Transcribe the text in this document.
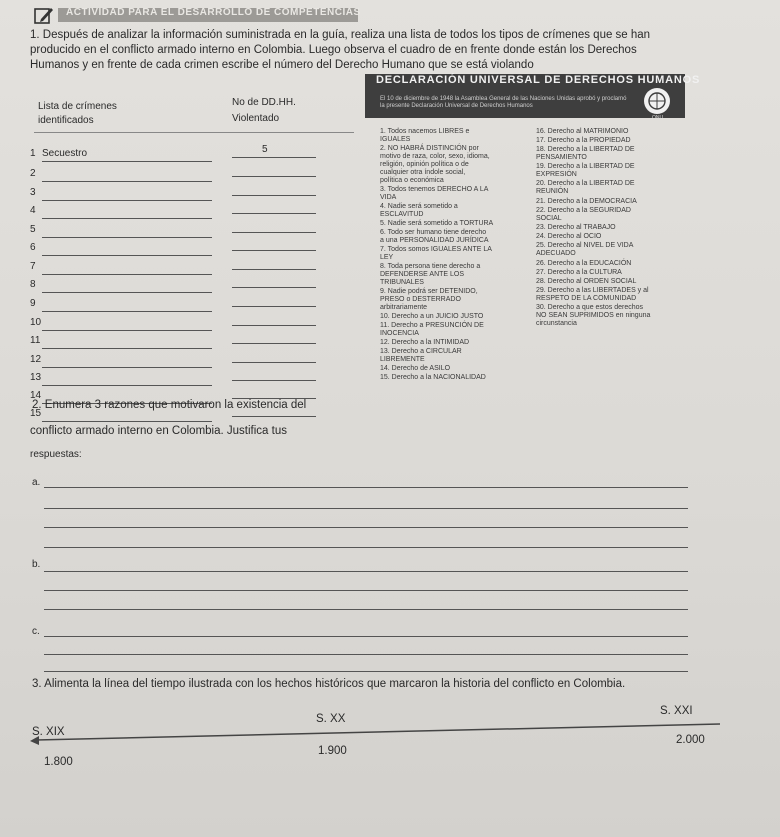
ACTIVIDAD PARA EL DESARROLLO DE COMPETENCIAS
1. Después de analizar la información suministrada en la guía, realiza una lista de todos los tipos de crímenes que se han
producido en el conflicto armado interno en Colombia. Luego observa el cuadro de en frente donde están los Derechos
Humanos y en frente de cada crimen escribe el número del Derecho Humano que se está violando
Lista de crímenes
identificados
No de DD.HH.
Violentado
1 Secuestro	5
2
3
4
5
6
7
8
9
10
11
12
13
14
15
DECLARACIÓN UNIVERSAL DE DERECHOS HUMANOS
El 10 de diciembre de 1948 la Asamblea General de las Naciones Unidas aprobó y proclamó la presente Declaración Universal de Derechos Humanos
ONU
1. Todos nacemos LIBRES e
IGUALES
2. NO HABRÁ DISTINCIÓN por
motivo de raza, color, sexo, idioma,
religión, opinión política o de
cualquier otra índole social,
política o económica
3. Todos tenemos DERECHO A LA
VIDA
4. Nadie será sometido a
ESCLAVITUD
5. Nadie será sometido a TORTURA
6. Todo ser humano tiene derecho
a una PERSONALIDAD JURÍDICA
7. Todos somos IGUALES ANTE LA
LEY
8. Toda persona tiene derecho a
DEFENDERSE ANTE LOS
TRIBUNALES
9. Nadie podrá ser DETENIDO,
PRESO o DESTERRADO
arbitrariamente
10. Derecho a un JUICIO JUSTO
11. Derecho a PRESUNCIÓN DE
INOCENCIA
12. Derecho a la INTIMIDAD
13. Derecho a CIRCULAR
LIBREMENTE
14. Derecho de ASILO
15. Derecho a la NACIONALIDAD
16. Derecho al MATRIMONIO
17. Derecho a la PROPIEDAD
18. Derecho a la LIBERTAD DE
PENSAMIENTO
19. Derecho a la LIBERTAD DE
EXPRESIÓN
20. Derecho a la LIBERTAD DE
REUNIÓN
21. Derecho a la DEMOCRACIA
22. Derecho a la SEGURIDAD
SOCIAL
23. Derecho al TRABAJO
24. Derecho al OCIO
25. Derecho al NIVEL DE VIDA
ADECUADO
26. Derecho a la EDUCACIÓN
27. Derecho a la CULTURA
28. Derecho al ORDEN SOCIAL
29. Derecho a las LIBERTADES y al
RESPETO DE LA COMUNIDAD
30. Derecho a que estos derechos
NO SEAN SUPRIMIDOS en ninguna
circunstancia
2. Enumera 3 razones que motivaron la existencia del
conflicto armado interno en Colombia. Justifica tus
respuestas:
a.
b.
c.
3. Alimenta la línea del tiempo ilustrada con los hechos históricos que marcaron la historia del conflicto en Colombia.
S. XIX
S. XX
S. XXI
1.800
1.900
2.000
